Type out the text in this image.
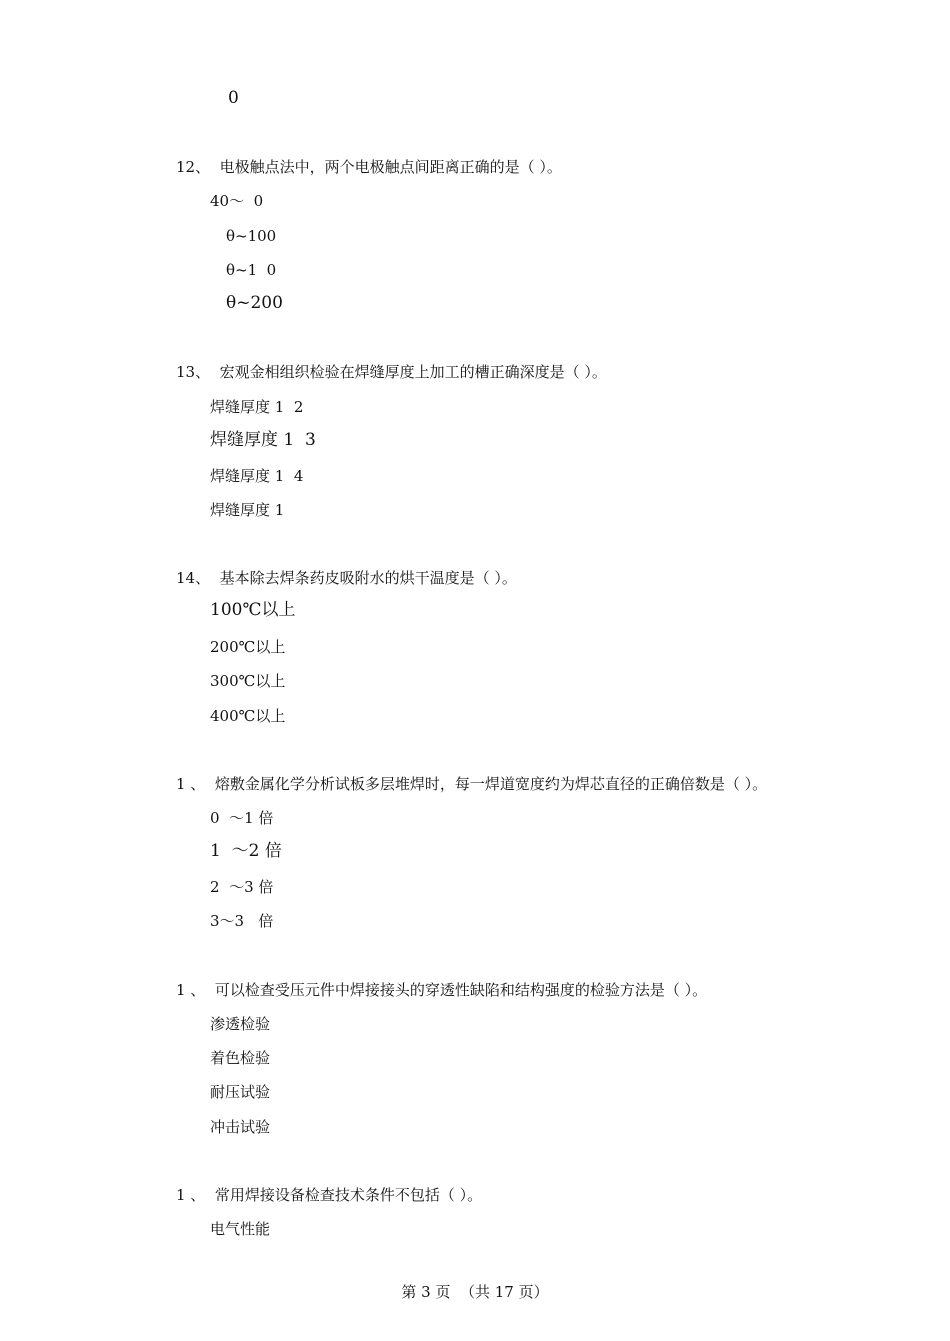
0
12、  电极触点法中，两个电极触点间距离正确的是（ ）。
40～  0
θ~100
θ~1  0
θ~200
13、  宏观金相组织检验在焊缝厚度上加工的槽正确深度是（ ）。
焊缝厚度 1  2
焊缝厚度 1  3
焊缝厚度 1  4
焊缝厚度 1
14、  基本除去焊条药皮吸附水的烘干温度是（ ）。
100℃以上
200℃以上
300℃以上
400℃以上
1 、  熔敷金属化学分析试板多层堆焊时，每一焊道宽度约为焊芯直径的正确倍数是（ ）。
0  ～1 倍
1  ～2 倍
2  ～3 倍
3～3   倍
1 、  可以检查受压元件中焊接接头的穿透性缺陷和结构强度的检验方法是（ ）。
渗透检验
着色检验
耐压试验
冲击试验
1 、  常用焊接设备检查技术条件不包括（ ）。
电气性能
第 3 页  （共 17 页）
